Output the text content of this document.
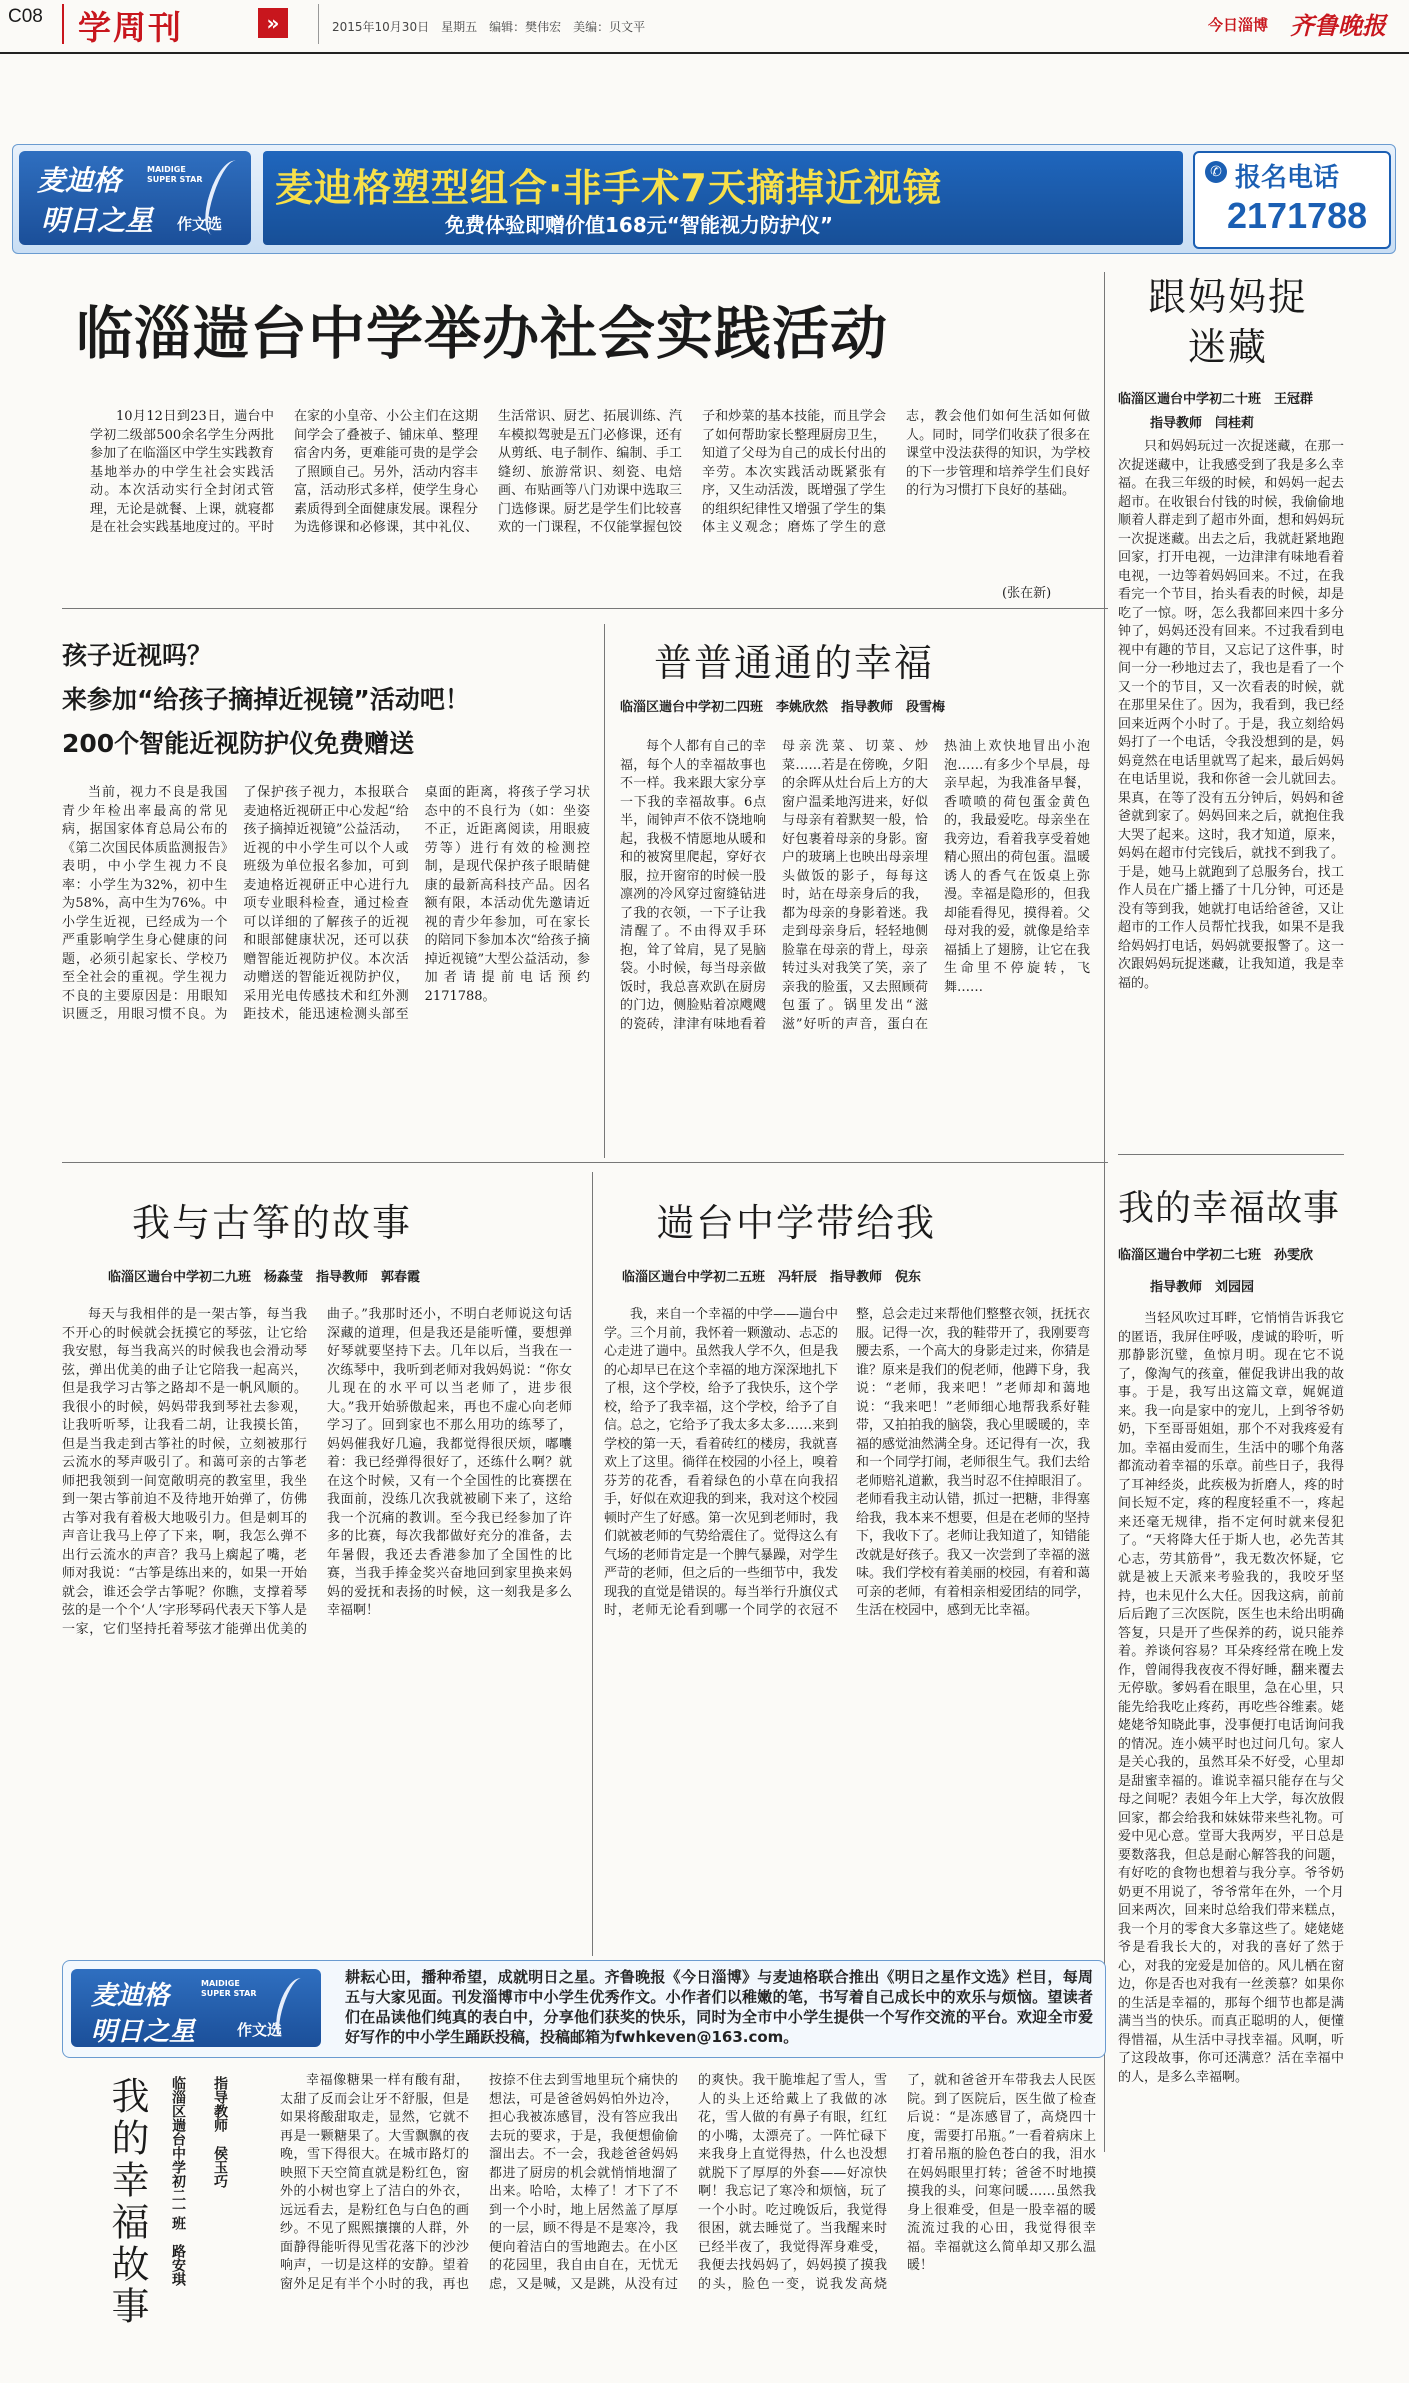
C08 学周刊	»	2015年10月30日　星期五　编辑：樊伟宏　美编：贝文平	今日淄博 齐鲁晚报
麦迪格
明日之星
MAIDIGE SUPER STAR
作文选
麦迪格塑型组合·非手术7天摘掉近视镜
免费体验即赠价值168元“智能视力防护仪”
✆ 报名电话
2171788
临淄遄台中学举办社会实践活动

10月12日到23日，遄台中学初二级部500余名学生分两批参加了在临淄区中学生实践教育基地举办的中学生社会实践活动。本次活动实行全封闭式管理，无论是就餐、上课，就寝都是在社会实践基地度过的。平时在家的小皇帝、小公主们在这期间学会了叠被子、铺床单、整理宿舍内务，更难能可贵的是学会了照顾自己。另外，活动内容丰富，活动形式多样，使学生身心素质得到全面健康发展。课程分为选修课和必修课，其中礼仪、生活常识、厨艺、拓展训练、汽车模拟驾驶是五门必修课，还有从剪纸、电子制作、编制、手工缝纫、旅游常识、刻瓷、电焙画、布贴画等八门劝课中选取三门选修课。厨艺是学生们比较喜欢的一门课程，不仅能掌握包饺子和炒菜的基本技能，而且学会了如何帮助家长整理厨房卫生，知道了父母为自己的成长付出的辛劳。本次实践活动既紧张有序，又生动活泼，既增强了学生的组织纪律性又增强了学生的集体主义观念；磨炼了学生的意志，教会他们如何生活如何做人。同时，同学们收获了很多在课堂中没法获得的知识，为学校的下一步管理和培养学生们良好的行为习惯打下良好的基础。

(张在新)
孩子近视吗？
来参加“给孩子摘掉近视镜”活动吧！
200个智能近视防护仪免费赠送

当前，视力不良是我国青少年检出率最高的常见病，据国家体育总局公布的《第二次国民体质监测报告》表明，中小学生视力不良率：小学生为32%，初中生为58%，高中生为76%。中小学生近视，已经成为一个严重影响学生身心健康的问题，必须引起家长、学校乃至全社会的重视。学生视力不良的主要原因是：用眼知识匮乏，用眼习惯不良。为了保护孩子视力，本报联合麦迪格近视研正中心发起“给孩子摘掉近视镜”公益活动，近视的中小学生可以个人或班级为单位报名参加，可到麦迪格近视研正中心进行九项专业眼科检查，通过检查可以详细的了解孩子的近视和眼部健康状况，还可以获赠智能近视防护仪。本次活动赠送的智能近视防护仪，采用光电传感技术和红外测距技术，能迅速检测头部至桌面的距离，将孩子学习状态中的不良行为（如：坐姿不正，近距离阅读，用眼疲劳等）进行有效的检测控制，是现代保护孩子眼睛健康的最新高科技产品。因名额有限，本活动优先邀请近视的青少年参加，可在家长的陪同下参加本次“给孩子摘掉近视镜”大型公益活动，参加者请提前电话预约2171788。

普普通通的幸福
临淄区遄台中学初二四班　李姚欣然　指导教师　段雪梅

每个人都有自己的幸福，每个人的幸福故事也不一样。我来跟大家分享一下我的幸福故事。6点半，闹钟声不依不饶地响起，我极不情愿地从暖和和的被窝里爬起，穿好衣服，拉开窗帘的时候一股凛冽的冷风穿过窗缝钻进了我的衣领，一下子让我清醒了。不由得双手环抱，耸了耸肩，晃了晃脑袋。小时候，每当母亲做饭时，我总喜欢趴在厨房的门边，侧脸贴着凉飕飕的瓷砖，津津有味地看着母亲洗菜、切菜、炒菜……若是在傍晚，夕阳的余晖从灶台后上方的大窗户温柔地泻进来，好似与母亲有着默契一般，恰好包裹着母亲的身影。窗户的玻璃上也映出母亲埋头做饭的影子，每每这时，站在母亲身后的我，都为母亲的身影着迷。我走到母亲身后，轻轻地侧脸靠在母亲的背上，母亲转过头对我笑了笑，亲了亲我的脸蛋，又去照顾荷包蛋了。锅里发出“滋滋”好听的声音，蛋白在热油上欢快地冒出小泡泡……有多少个早晨，母亲早起，为我准备早餐，香喷喷的荷包蛋金黄色的，我最爱吃。母亲坐在我旁边，看着我享受着她精心照出的荷包蛋。温暖诱人的香气在饭桌上弥漫。幸福是隐形的，但我却能看得见，摸得着。父母对我的爱，就像是给幸福插上了翅膀，让它在我生命里不停旋转，飞舞……

跟妈妈捉迷藏
临淄区遄台中学初二十班　王冠群
指导教师　闫桂莉

只和妈妈玩过一次捉迷藏，在那一次捉迷藏中，让我感受到了我是多么幸福。在我三年级的时候，和妈妈一起去超市。在收银台付钱的时候，我偷偷地顺着人群走到了超市外面，想和妈妈玩一次捉迷藏。出去之后，我就赶紧地跑回家，打开电视，一边津津有味地看着电视，一边等着妈妈回来。不过，在我看完一个节目，抬头看表的时候，却是吃了一惊。呀，怎么我都回来四十多分钟了，妈妈还没有回来。不过我看到电视中有趣的节目，又忘记了这件事，时间一分一秒地过去了，我也是看了一个又一个的节目，又一次看表的时候，就在那里呆住了。因为，我看到，我已经回来近两个小时了。于是，我立刻给妈妈打了一个电话，令我没想到的是，妈妈竟然在电话里就骂了起来，最后妈妈在电话里说，我和你爸一会儿就回去。果真，在等了没有五分钟后，妈妈和爸爸就到家了。妈妈回来之后，就抱住我大哭了起来。这时，我才知道，原来，妈妈在超市付完钱后，就找不到我了。于是，她马上就跑到了总服务台，找工作人员在广播上播了十几分钟，可还是没有等到我，她就打电话给爸爸，又让超市的工作人员帮忙找我，如果不是我给妈妈打电话，妈妈就要报警了。这一次跟妈妈玩捉迷藏，让我知道，我是幸福的。

我与古筝的故事
临淄区遄台中学初二九班　杨淼莹　指导教师　郭春霞

每天与我相伴的是一架古筝，每当我不开心的时候就会抚摸它的琴弦，让它给我安慰，每当我高兴的时候我也会滑动琴弦，弹出优美的曲子让它陪我一起高兴，但是我学习古筝之路却不是一帆风顺的。我很小的时候，妈妈带我到琴社去参观，让我听听琴，让我看二胡，让我摸长笛，但是当我走到古筝社的时候，立刻被那行云流水的琴声吸引了。和蔼可亲的古筝老师把我领到一间宽敞明亮的教室里，我坐到一架古筝前迫不及待地开始弹了，仿佛古筝对我有着极大地吸引力。但是刺耳的声音让我马上停了下来，啊，我怎么弹不出行云流水的声音？我马上瘸起了嘴，老师对我说：“古筝是练出来的，如果一开始就会，谁还会学古筝呢？你瞧，支撑着琴弦的是一个个‘人’字形琴码代表天下筝人是一家，它们坚持托着琴弦才能弹出优美的曲子。”我那时还小，不明白老师说这句话深藏的道理，但是我还是能听懂，要想弹好琴就要坚持下去。几年以后，当我在一次练琴中，我听到老师对我妈妈说：“你女儿现在的水平可以当老师了，进步很大。”我开始骄傲起来，再也不虚心向老师学习了。回到家也不那么用功的练琴了，妈妈催我好几遍，我都觉得很厌烦，嘟囔着：我已经弹得很好了，还练什么啊？就在这个时候，又有一个全国性的比赛摆在我面前，没练几次我就被刷下来了，这给我一个沉痛的教训。至今我已经参加了许多的比赛，每次我都做好充分的准备，去年暑假，我还去香港参加了全国性的比赛，当我手捧金奖兴奋地回到家里换来妈妈的爱抚和表扬的时候，这一刻我是多么幸福啊！

遄台中学带给我
临淄区遄台中学初二五班　冯轩辰　指导教师　倪东

我，来自一个幸福的中学——遄台中学。三个月前，我怀着一颗激动、忐忑的心走进了遄中。虽然我人学不久，但是我的心却早已在这个幸福的地方深深地扎下了根，这个学校，给予了我快乐，这个学校，给予了我幸福，这个学校，给予了自信。总之，它给予了我太多太多……来到学校的第一天，看着砖红的楼房，我就喜欢上了这里。徜徉在校园的小径上，嗅着芬芳的花香，看着绿色的小草在向我招手，好似在欢迎我的到来，我对这个校园顿时产生了好感。第一次见到老师时，我们就被老师的气势给震住了。觉得这么有气场的老师肯定是一个脾气暴躁，对学生严苛的老师，但之后的一些细节中，我发现我的直觉是错误的。每当举行升旗仪式时，老师无论看到哪一个同学的衣冠不整，总会走过来帮他们整整衣领，抚抚衣服。记得一次，我的鞋带开了，我刚要弯腰去系，一个高大的身影走过来，你猜是谁？原来是我们的倪老师，他蹲下身，我说：“老师，我来吧！”老师却和蔼地说：“我来吧！”老师细心地帮我系好鞋带，又拍拍我的脑袋，我心里暖暖的，幸福的感觉油然满全身。还记得有一次，我和一个同学打闹，老师很生气。我们去给老师赔礼道歉，我当时忍不住掉眼泪了。老师看我主动认错，抓过一把糖，非得塞给我，我本来不想要，但是在老师的坚持下，我收下了。老师让我知道了，知错能改就是好孩子。我又一次尝到了幸福的滋味。我们学校有着美丽的校园，有着和蔼可亲的老师，有着相亲相爱团结的同学，生活在校园中，感到无比幸福。

我的幸福故事
临淄区遄台中学初二七班　孙雯欣
指导教师　刘园园

当轻风吹过耳畔，它悄悄告诉我它的匿语，我屏住呼吸，虔诚的聆听，听那静影沉璧，鱼惊月明。现在它不说了，像淘气的孩童，催促我讲出我的故事。于是，我写出这篇文章，娓娓道来。我一向是家中的宠儿，上到爷爷奶奶，下至哥哥姐姐，那个不对我疼爱有加。幸福由爱而生，生活中的哪个角落都流动着幸福的乐章。前些日子，我得了耳神经炎，此疾极为折磨人，疼的时间长短不定，疼的程度轻重不一，疼起来还毫无规律，指不定何时就来侵犯了。“天将降大任于斯人也，必先苦其心志，劳其筋骨”，我无数次怀疑，它就是被上天派来考验我的，我咬牙坚持，也未见什么大任。因我这病，前前后后跑了三次医院，医生也未给出明确答复，只是开了些保养的药，说只能养着。养谈何容易？耳朵疼经常在晚上发作，曾闹得我夜夜不得好睡，翻来覆去无停歇。爹妈看在眼里，急在心里，只能先给我吃止疼药，再吃些谷维素。姥姥姥爷知晓此事，没事便打电话询问我的情况。连小姨平时也过问几句。家人是关心我的，虽然耳朵不好受，心里却是甜蜜幸福的。谁说幸福只能存在与父母之间呢？表姐今年上大学，每次放假回家，都会给我和妹妹带来些礼物。可爱中见心意。堂哥大我两岁，平日总是要数落我，但总是耐心解答我的问题，有好吃的食物也想着与我分享。爷爷奶奶更不用说了，爷爷常年在外，一个月回来两次，回来时总给我们带来糕点，我一个月的零食大多靠这些了。姥姥姥爷是看我长大的，对我的喜好了然于心，对我的宠爱是加倍的。风儿栖在窗边，你是否也对我有一丝羡慕？如果你的生活是幸福的，那每个细节也都是满满当当的快乐。而真正聪明的人，便懂得惜福，从生活中寻找幸福。风啊，听了这段故事，你可还满意？活在幸福中的人，是多么幸福啊。

麦迪格
明日之星
MAIDIGE SUPER STAR
作文选
耕耘心田，播种希望，成就明日之星。齐鲁晚报《今日淄博》与麦迪格联合推出《明日之星作文选》栏目，每周五与大家见面。刊发淄博市中小学生优秀作文。小作者们以稚嫩的笔，书写着自己成长中的欢乐与烦恼。望读者们在品读他们纯真的表白中，分享他们获奖的快乐，同时为全市中小学生提供一个写作交流的平台。欢迎全市爱好写作的中小学生踊跃投稿，投稿邮箱为fwhkeven@163.com。
我的幸福故事	临淄区遄台中学初二一班　路安琪 指导教师　侯玉巧	幸福像糖果一样有酸有甜，太甜了反而会让牙不舒服，但是如果将酸甜取走，显然，它就不再是一颗糖果了。大雪飘飘的夜晚，雪下得很大。在城市路灯的映照下天空简直就是粉红色，窗外的小树也穿上了洁白的外衣，远远看去，是粉红色与白色的画纱。不见了熙熙攘攘的人群，外面静得能听得见雪花落下的沙沙响声，一切是这样的安静。望着窗外足足有半个小时的我，再也按捺不住去到雪地里玩个痛快的想法，可是爸爸妈妈怕外边冷，担心我被冻感冒，没有答应我出去玩的要求，于是，我便想偷偷溜出去。不一会，我趁爸爸妈妈都进了厨房的机会就悄悄地溜了出来。哈哈，太棒了！才下了不到一个小时，地上居然盖了厚厚的一层，顾不得是不是寒冷，我便向着洁白的雪地跑去。在小区的花园里，我自由自在，无忧无虑，又是喊，又是跳，从没有过的爽快。我干脆堆起了雪人，雪人的头上还给戴上了我做的冰花，雪人做的有鼻子有眼，红红的小嘴，太漂亮了。一阵忙碌下来我身上直觉得热，什么也没想就脱下了厚厚的外套——好凉快啊！我忘记了寒冷和烦恼，玩了一个小时。吃过晚饭后，我觉得很困，就去睡觉了。当我醒来时已经半夜了，我觉得浑身难受，我便去找妈妈了，妈妈摸了摸我的头，脸色一变，说我发高烧了，就和爸爸开车带我去人民医院。到了医院后，医生做了检查后说：“是冻感冒了，高烧四十度，需要打吊瓶。”一看着病床上打着吊瓶的脸色苍白的我，泪水在妈妈眼里打转；爸爸不时地摸摸我的头，问寒问暖……虽然我身上很难受，但是一股幸福的暖流流过我的心田，我觉得很幸福。幸福就这么简单却又那么温暖！
